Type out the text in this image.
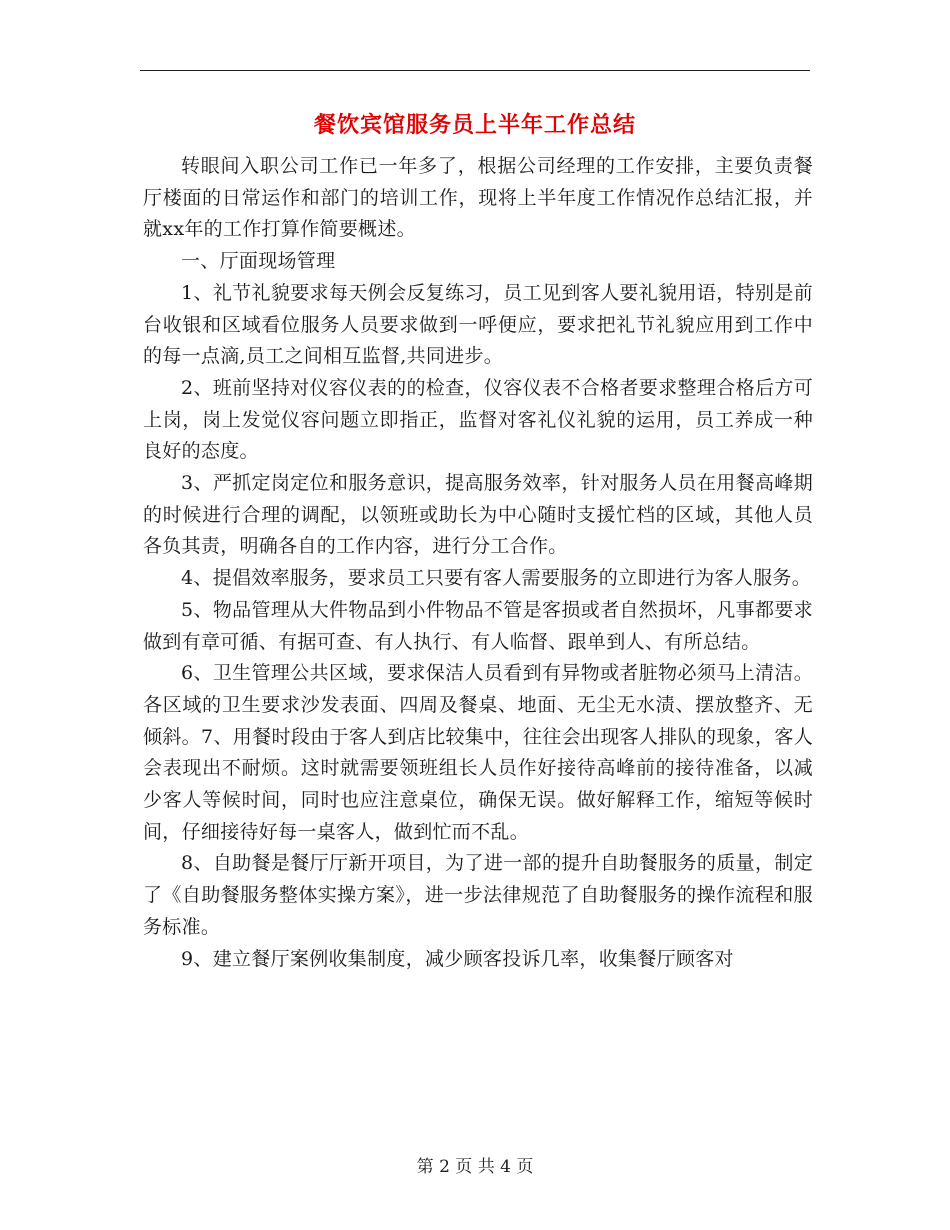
餐饮宾馆服务员上半年工作总结

转眼间入职公司工作已一年多了，根据公司经理的工作安排，主要负责餐厅楼面的日常运作和部门的培训工作，现将上半年度工作情况作总结汇报，并就xx年的工作打算作简要概述。

一、厅面现场管理

1、礼节礼貌要求每天例会反复练习，员工见到客人要礼貌用语，特别是前台收银和区域看位服务人员要求做到一呼便应，要求把礼节礼貌应用到工作中的每一点滴,员工之间相互监督,共同进步。

2、班前坚持对仪容仪表的的检查，仪容仪表不合格者要求整理合格后方可上岗，岗上发觉仪容问题立即指正，监督对客礼仪礼貌的运用，员工养成一种良好的态度。

3、严抓定岗定位和服务意识，提高服务效率，针对服务人员在用餐高峰期的时候进行合理的调配，以领班或助长为中心随时支援忙档的区域，其他人员各负其责，明确各自的工作内容，进行分工合作。

4、提倡效率服务，要求员工只要有客人需要服务的立即进行为客人服务。

5、物品管理从大件物品到小件物品不管是客损或者自然损坏，凡事都要求做到有章可循、有据可查、有人执行、有人临督、跟单到人、有所总结。

6、卫生管理公共区域，要求保洁人员看到有异物或者脏物必须马上清洁。各区域的卫生要求沙发表面、四周及餐桌、地面、无尘无水渍、摆放整齐、无倾斜。7、用餐时段由于客人到店比较集中，往往会出现客人排队的现象，客人会表现出不耐烦。这时就需要领班组长人员作好接待高峰前的接待准备，以减少客人等候时间，同时也应注意桌位，确保无误。做好解释工作，缩短等候时间，仔细接待好每一桌客人，做到忙而不乱。

8、自助餐是餐厅厅新开项目，为了进一部的提升自助餐服务的质量，制定了《自助餐服务整体实操方案》，进一步法律规范了自助餐服务的操作流程和服务标准。

9、建立餐厅案例收集制度，减少顾客投诉几率，收集餐厅顾客对

第 2 页 共 4 页
